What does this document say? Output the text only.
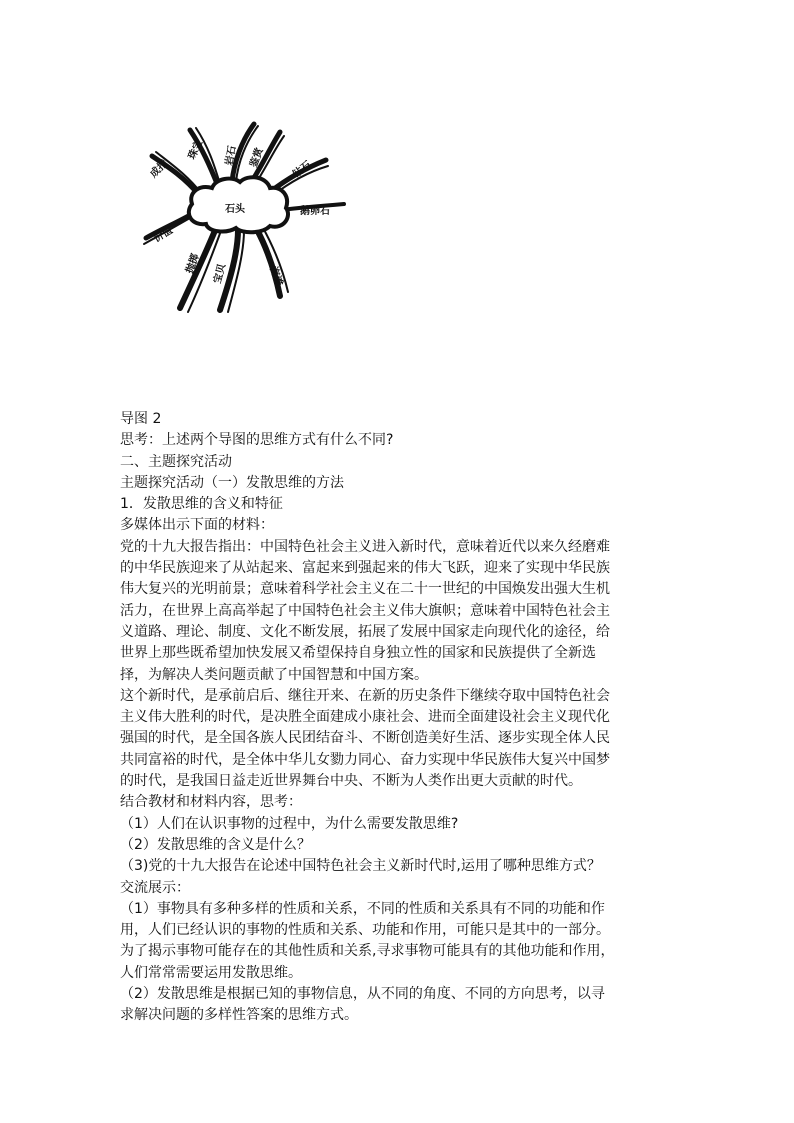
石头
成指
珠宝 岩石 鉴赏
钻石
鹅卵石
价值
抛掷 宝贝	海滩
导图 2
思考：上述两个导图的思维方式有什么不同?
二、主题探究活动
主题探究活动（一）发散思维的方法
1．发散思维的含义和特征
多媒体出示下面的材料：
党的十九大报告指出：中国特色社会主义进入新时代，意味着近代以来久经磨难
的中华民族迎来了从站起来、富起来到强起来的伟大飞跃，迎来了实现中华民族
伟大复兴的光明前景；意味着科学社会主义在二十一世纪的中国焕发出强大生机
活力，在世界上高高举起了中国特色社会主义伟大旗帜；意味着中国特色社会主
义道路、理论、制度、文化不断发展，拓展了发展中国家走向现代化的途径，给
世界上那些既希望加快发展又希望保持自身独立性的国家和民族提供了全新选
择，为解决人类问题贡献了中国智慧和中国方案。
这个新时代，是承前启后、继往开来、在新的历史条件下继续夺取中国特色社会
主义伟大胜利的时代，是决胜全面建成小康社会、进而全面建设社会主义现代化
强国的时代，是全国各族人民团结奋斗、不断创造美好生活、逐步实现全体人民
共同富裕的时代，是全体中华儿女勠力同心、奋力实现中华民族伟大复兴中国梦
的时代，是我国日益走近世界舞台中央、不断为人类作出更大贡献的时代。
结合教材和材料内容，思考：
（1）人们在认识事物的过程中，为什么需要发散思维?
（2）发散思维的含义是什么？
（3)党的十九大报告在论述中国特色社会主义新时代时,运用了哪种思维方式？
交流展示：
（1）事物具有多种多样的性质和关系，不同的性质和关系具有不同的功能和作
用，人们已经认识的事物的性质和关系、功能和作用，可能只是其中的一部分。
为了揭示事物可能存在的其他性质和关系,寻求事物可能具有的其他功能和作用，
人们常常需要运用发散思维。
（2）发散思维是根据已知的事物信息，从不同的角度、不同的方向思考，以寻
求解决问题的多样性答案的思维方式。
